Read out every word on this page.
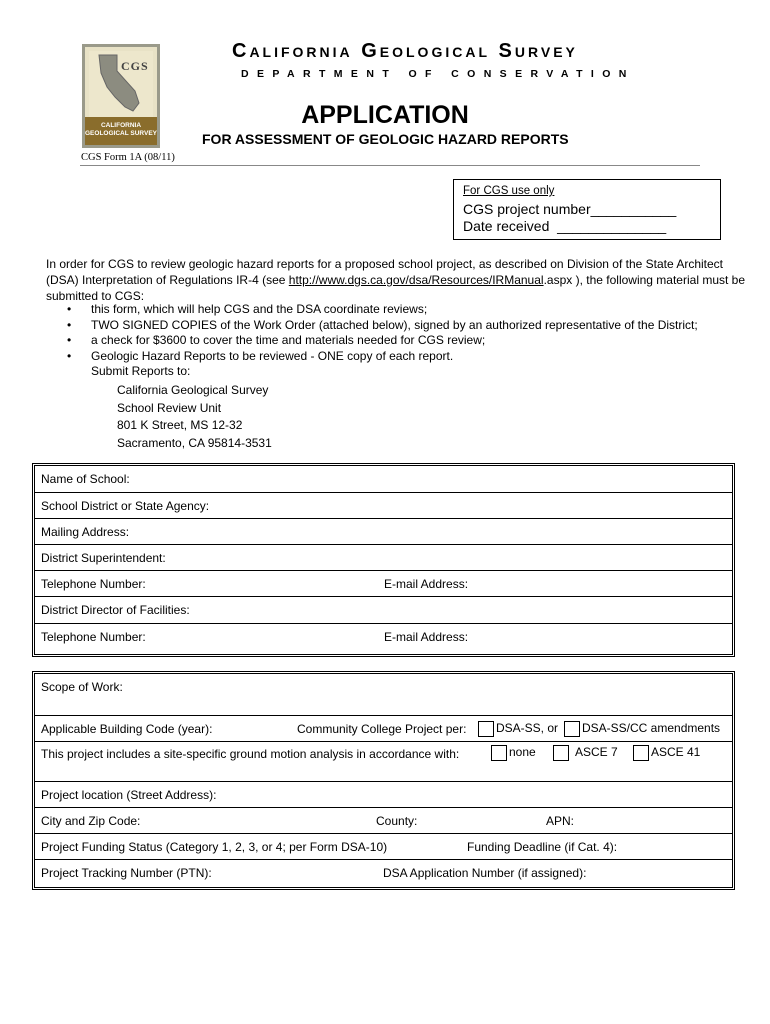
CGS
CALIFORNIA GEOLOGICAL SURVEY
California Geological Survey
DEPARTMENT OF CONSERVATION
APPLICATION
FOR ASSESSMENT OF GEOLOGIC HAZARD REPORTS
CGS Form 1A (08/11)
For CGS use only
CGS project number___________
Date received  ______________
In order for CGS to review geologic hazard reports for a proposed school project, as described on Division of the State Architect (DSA) Interpretation of Regulations IR-4 (see http://www.dgs.ca.gov/dsa/Resources/IRManual.aspx ), the following material must be submitted to CGS:
• this form, which will help CGS and the DSA coordinate reviews;
• TWO SIGNED COPIES of the Work Order (attached below), signed by an authorized representative of the District;
• a check for $3600 to cover the time and materials needed for CGS review;
• Geologic Hazard Reports to be reviewed - ONE copy of each report.
Submit Reports to:
California Geological Survey
School Review Unit
801 K Street, MS 12-32
Sacramento, CA 95814-3531
Name of School:
School District or State Agency:
Mailing Address:
District Superintendent:
Telephone Number:	E-mail Address:
District Director of Facilities:
Telephone Number:	E-mail Address:
Scope of Work:
Applicable Building Code (year):	Community College Project per:	DSA-SS, or	DSA-SS/CC amendments
This project includes a site-specific ground motion analysis in accordance with:	none	ASCE 7	ASCE 41
Project location (Street Address):
City and Zip Code:	County:	APN:
Project Funding Status (Category 1, 2, 3, or 4; per Form DSA-10)	Funding Deadline (if Cat. 4):
Project Tracking Number (PTN):	DSA Application Number (if assigned):
